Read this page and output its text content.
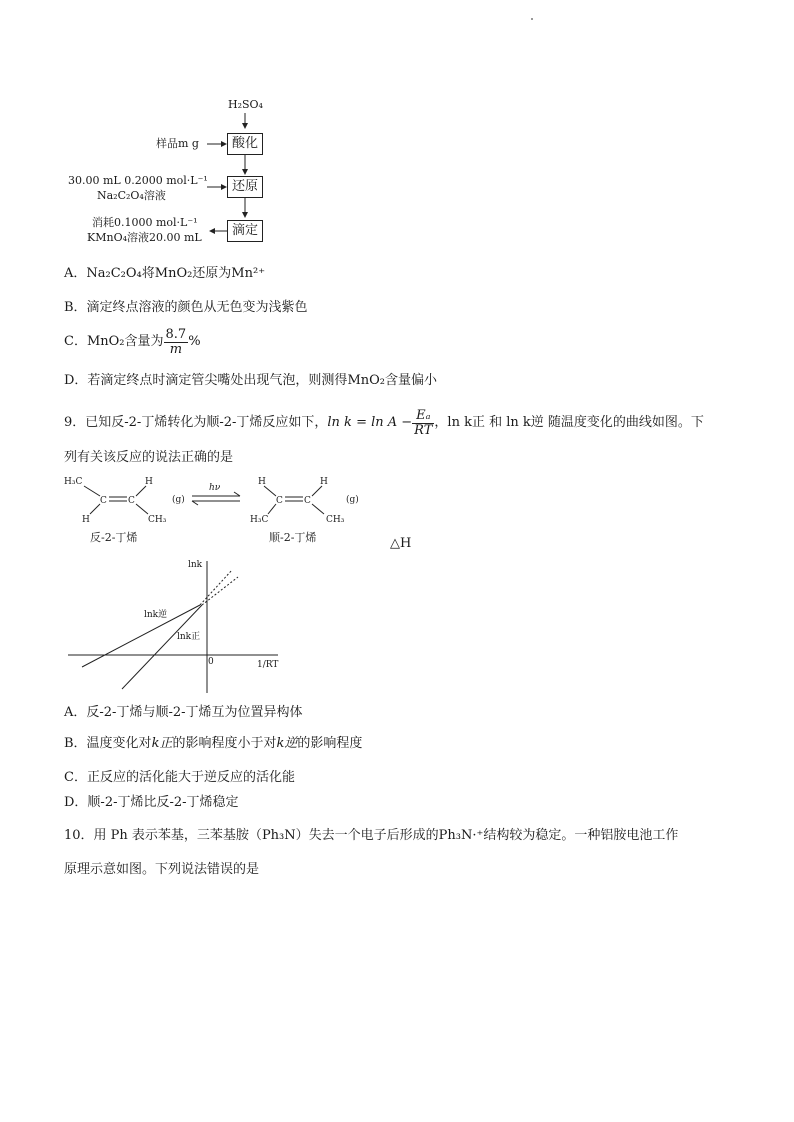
H₂SO₄
样品m g	酸化
30.00 mL 0.2000 mol·L⁻¹
Na₂C₂O₄溶液
还原
消耗0.1000 mol·L⁻¹
KMnO₄溶液20.00 mL	滴定
A．Na₂C₂O₄将MnO₂还原为Mn²⁺
B．滴定终点溶液的颜色从无色变为浅紫色
C． MnO₂含量为 $\frac{8.7}{m}$ %
D．若滴定终点时滴定管尖嘴处出现气泡，则测得MnO₂含量偏小
9．已知反-2-丁烯转化为顺-2-丁烯反应如下， $\ln k = \ln A - \frac{\text{Eₐ}}{RT}$ ，ln k正 和 ln k逆 随温度变化的曲线如图。下
列有关该反应的说法正确的是
H₃C	H
H	CH₃
C C	(g)
H	H
H₃C	CH₃
C C	(g)
hν
反-2-丁烯	顺-2-丁烯	△H
lnk
lnk逆
lnk正
0	1/RT
A．反-2-丁烯与顺-2-丁烯互为位置异构体
B．温度变化对k正的影响程度小于对k逆的影响程度
C．正反应的活化能大于逆反应的活化能
D．顺-2-丁烯比反-2-丁烯稳定
10．用 Ph 表示苯基，三苯基胺（Ph₃N）失去一个电子后形成的Ph₃N·⁺结构较为稳定。一种铝胺电池工作
原理示意如图。下列说法错误的是
